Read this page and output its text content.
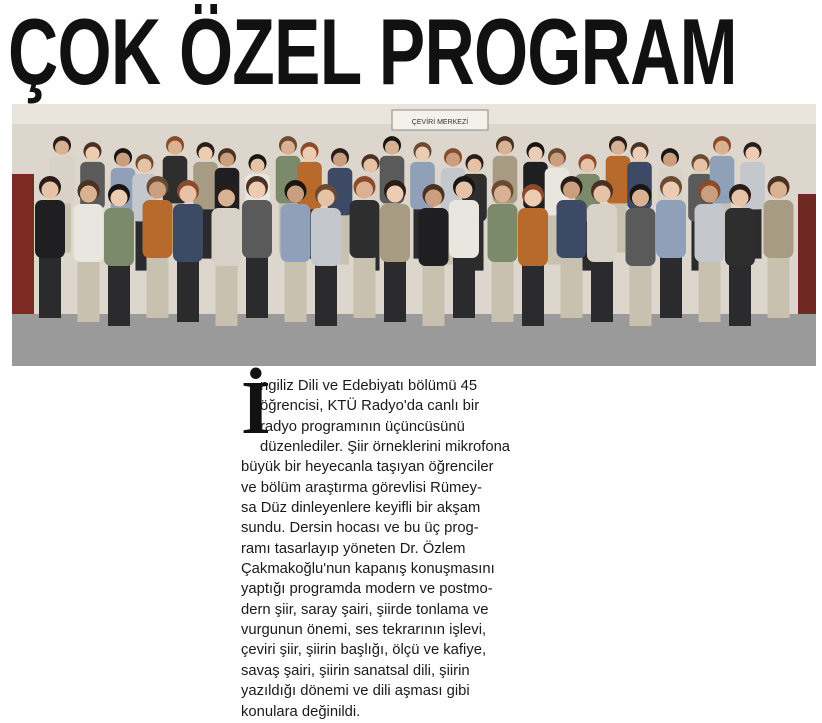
ÇOK ÖZEL PROGRAM
ÇEVİRİ MERKEZİ

İ
ngiliz Dili ve Edebiyatı bölümü 45
öğrencisi, KTÜ Radyo'da canlı bir
radyo programının üçüncüsünü
düzenlediler. Şiir örneklerini mikrofona
büyük bir heyecanla taşıyan öğrenciler
ve bölüm araştırma görevlisi Rümey-
sa Düz dinleyenlere keyifli bir akşam
sundu. Dersin hocası ve bu üç prog-
ramı tasarlayıp yöneten Dr. Özlem
Çakmakoğlu'nun kapanış konuşmasını
yaptığı programda modern ve postmo-
dern şiir, saray şairi, şiirde tonlama ve
vurgunun önemi, ses tekrarının işlevi,
çeviri şiir, şiirin başlığı, ölçü ve kafiye,
savaş şairi, şiirin sanatsal dili, şiirin
yazıldığı dönemi ve dili aşması gibi
konulara değinildi.
